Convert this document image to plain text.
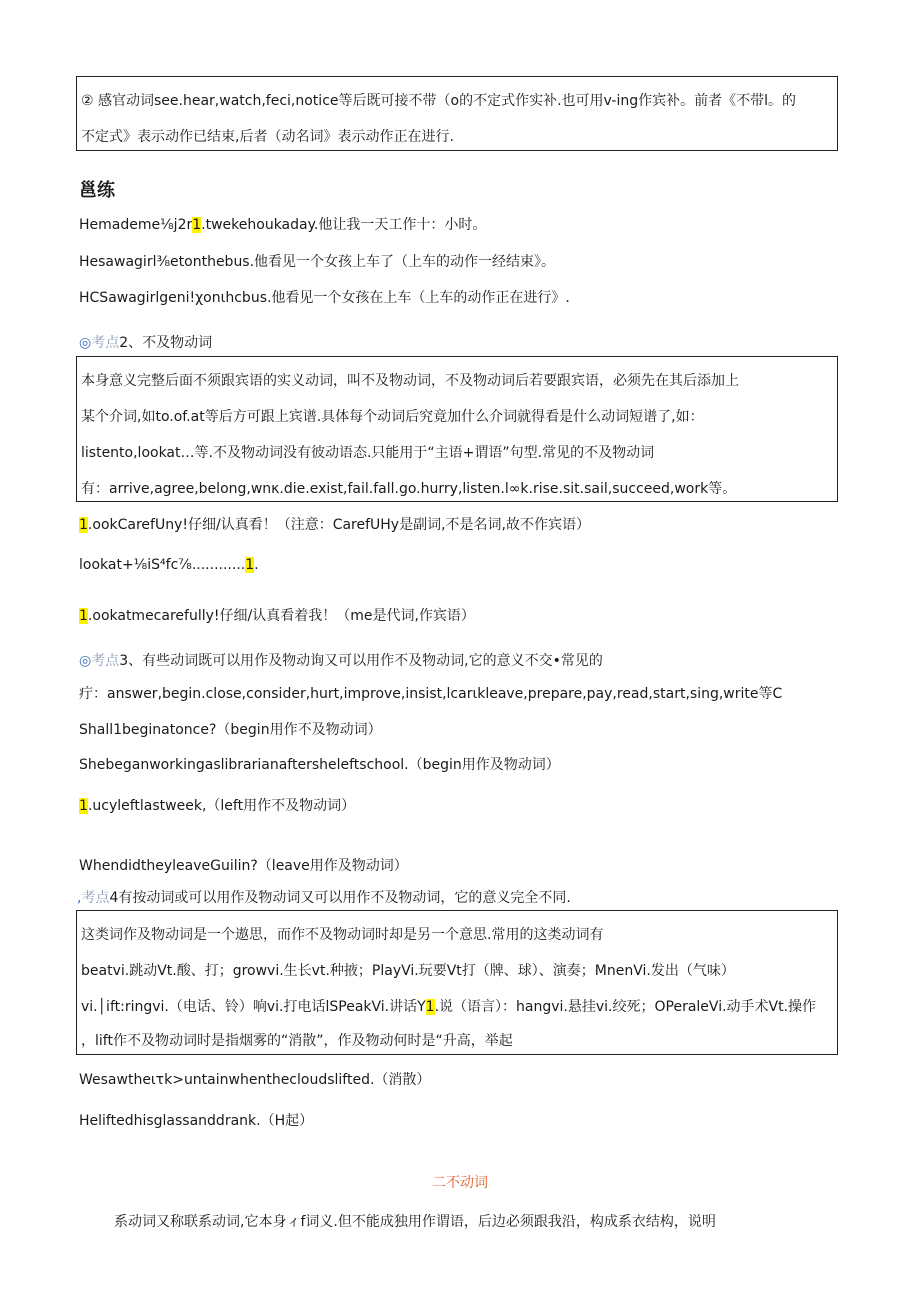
② 感官动词see.hear,watch,feci,notice等后既可接不带（o的不定式作实补.也可用v-ing作宾补。前者《不带l。的
不定式》表示动作已结束,后者（动名词》表示动作正在进行.
邕练
Hemademe⅛j2r1.twekehoukaday.他让我一天工作十：小时。
Hesawagirl⅜etonthebus.他看见一个女孩上车了（上车的动作一经结束》。
HCSawagirlgeni!χonιhcbus.他看见一个女孩在上车（上车的动作正在进行》.
◎考点2、不及物动词
本身意义完整后面不须跟宾语的实义动词，叫不及物动词，不及物动词后若要跟宾语，必须先在其后添加上
某个介词,如to.of.at等后方可跟上宾谱.具体每个动词后究竟加什么介词就得看是什么动词短谱了,如：
listento,lookat…等.不及物动词没有彼动语态.只能用于“主语+谓语”句型.常见的不及物动词
有：arrive,agree,belong,wnκ.die.exist,fail.fall.go.hurry,listen.l∞k.rise.sit.sail,succeed,work等。
1.ookCarefUny!仔细/认真看！（注意：CarefUHy是副词,不是名词,故不作宾语）
lookat+⅛iS⁴fc⅞............1.
1.ookatmecarefully!仔细/认真看着我！（me是代词,作宾语）
◎考点3、有些动词既可以用作及物动询又可以用作不及物动词,它的意义不交•常见的
疔：answer,begin.close,consider,hurt,improve,insist,lcarιkleave,prepare,pay,read,start,sing,write等C
Shall1beginatonce?（begin用作不及物动词）
Shebeganworkingaslibrarianaftersheleftschool.（begin用作及物动词）
1.ucyleftlastweek,（left用作不及物动词）
WhendidtheyleaveGuilin?（leave用作及物动词）
,考点4有按动词或可以用作及物动词又可以用作不及物动词，它的意义完全不同.
这类词作及物动词是一个遨思，而作不及物动词时却是另一个意思.常用的这类动词有
beatvi.跳动Vt.酸、打；growvi.生长vt.种掖；PlayVi.玩要Vt打（牌、球）、演奏；MnenVi.发出（气味）
vi.│ift:ringvi.（电话、铃）响vi.打电话lSPeakVi.讲话Y1.说（语言）：hangvi.悬挂vi.绞死；OPeraleVi.动手术Vt.操作
，lift作不及物动词时是指烟雾的“消散”，作及物动何时是“升高，举起
Wesawtheιτk>untainwhenthecloudslifted.（消散）
Heliftedhisglassanddrank.（H起）
二不动词
系动词又称联系动词,它本身ィf词义.但不能成独用作谓语，后边必须跟我沿，构成系衣结构，说明
